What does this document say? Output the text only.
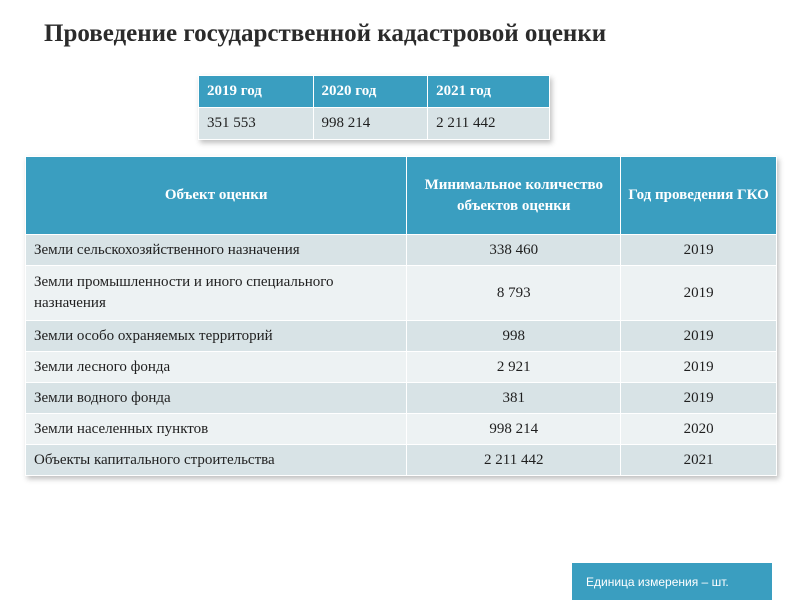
Проведение государственной кадастровой оценки
2019 год	2020 год	2021 год
351 553	998 214	2 211 442
Объект оценки	Минимальное количество объектов оценки	Год проведения ГКО
Земли сельскохозяйственного назначения	338 460	2019
Земли промышленности и иного специального назначения	8 793	2019
Земли особо охраняемых территорий	998	2019
Земли лесного фонда	2 921	2019
Земли водного фонда	381	2019
Земли населенных пунктов	998 214	2020
Объекты капитального строительства	2 211 442	2021
Единица измерения – шт.
